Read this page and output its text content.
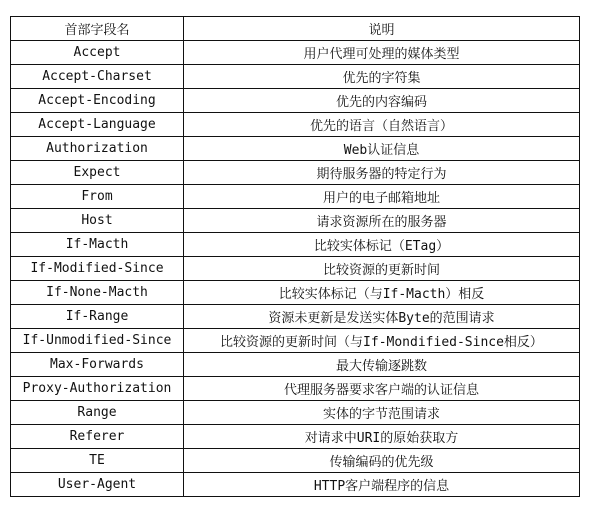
首部字段名	说明
Accept	用户代理可处理的媒体类型
Accept-Charset	优先的字符集
Accept-Encoding	优先的内容编码
Accept-Language	优先的语言（自然语言）
Authorization	Web认证信息
Expect	期待服务器的特定行为
From	用户的电子邮箱地址
Host	请求资源所在的服务器
If-Macth	比较实体标记（ETag）
If-Modified-Since	比较资源的更新时间
If-None-Macth	比较实体标记（与If-Macth）相反
If-Range	资源未更新是发送实体Byte的范围请求
If-Unmodified-Since	比较资源的更新时间（与If-Mondified-Since相反）
Max-Forwards	最大传输逐跳数
Proxy-Authorization	代理服务器要求客户端的认证信息
Range	实体的字节范围请求
Referer	对请求中URI的原始获取方
TE	传输编码的优先级
User-Agent	HTTP客户端程序的信息
